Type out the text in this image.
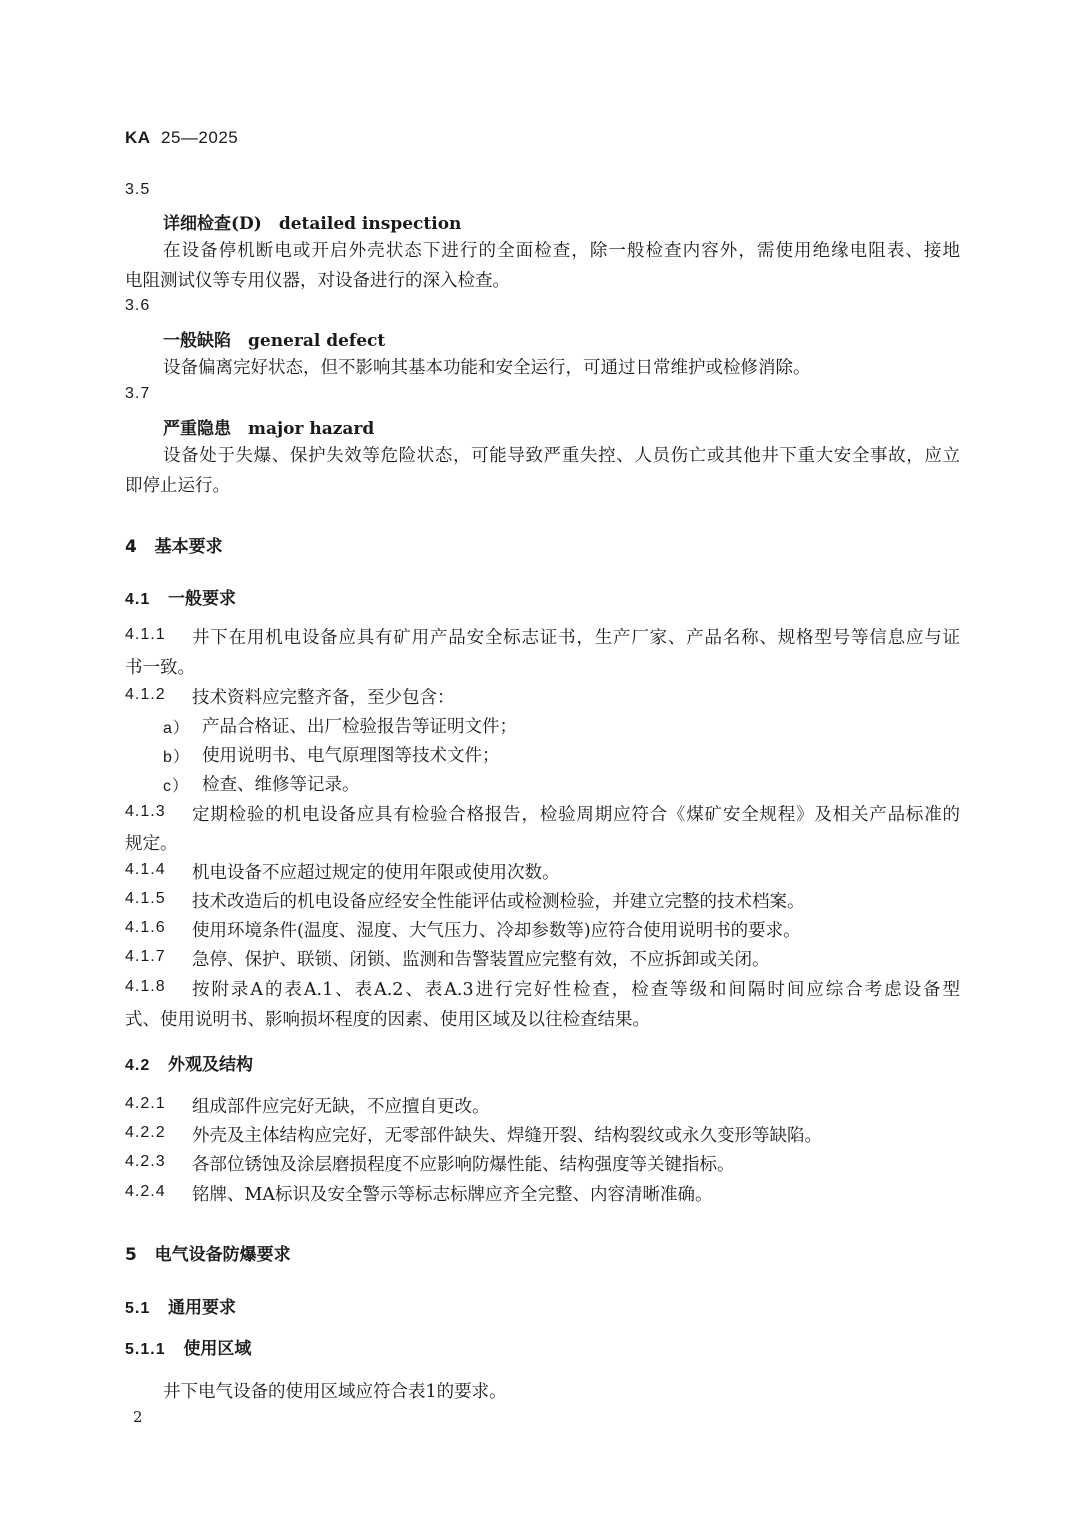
KA 25—2025
3.5
详细检查(D)　detailed inspection
在设备停机断电或开启外壳状态下进行的全面检查，除一般检查内容外，需使用绝缘电阻表、接地
电阻测试仪等专用仪器，对设备进行的深入检查。
3.6
一般缺陷　general defect
设备偏离完好状态，但不影响其基本功能和安全运行，可通过日常维护或检修消除。
3.7
严重隐患　major hazard
设备处于失爆、保护失效等危险状态，可能导致严重失控、人员伤亡或其他井下重大安全事故，应立
即停止运行。
4 基本要求
4.1 一般要求
4.1.1 井下在用机电设备应具有矿用产品安全标志证书，生产厂家、产品名称、规格型号等信息应与证
书一致。
4.1.2 技术资料应完整齐备，至少包含：
a） 产品合格证、出厂检验报告等证明文件；
b） 使用说明书、电气原理图等技术文件；
c） 检查、维修等记录。
4.1.3 定期检验的机电设备应具有检验合格报告，检验周期应符合《煤矿安全规程》及相关产品标准的
规定。
4.1.4 机电设备不应超过规定的使用年限或使用次数。
4.1.5 技术改造后的机电设备应经安全性能评估或检测检验，并建立完整的技术档案。
4.1.6 使用环境条件(温度、湿度、大气压力、冷却参数等)应符合使用说明书的要求。
4.1.7 急停、保护、联锁、闭锁、监测和告警装置应完整有效，不应拆卸或关闭。
4.1.8 按附录A的表A.1、表A.2、表A.3进行完好性检查，检查等级和间隔时间应综合考虑设备型
式、使用说明书、影响损坏程度的因素、使用区域及以往检查结果。
4.2 外观及结构
4.2.1 组成部件应完好无缺，不应擅自更改。
4.2.2 外壳及主体结构应完好，无零部件缺失、焊缝开裂、结构裂纹或永久变形等缺陷。
4.2.3 各部位锈蚀及涂层磨损程度不应影响防爆性能、结构强度等关键指标。
4.2.4 铭牌、MA标识及安全警示等标志标牌应齐全完整、内容清晰准确。
5 电气设备防爆要求
5.1 通用要求
5.1.1 使用区域
井下电气设备的使用区域应符合表1的要求。
2
